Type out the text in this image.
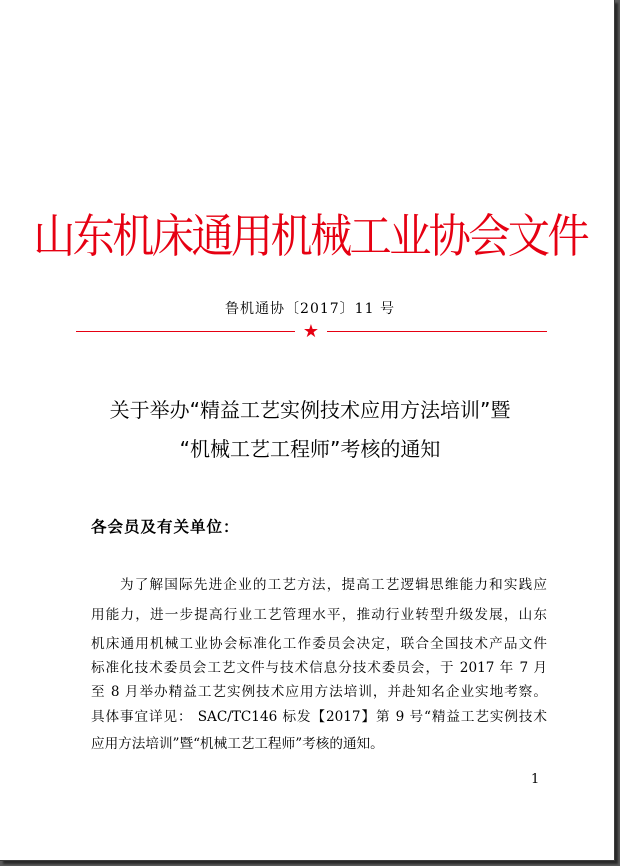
山东机床通用机械工业协会文件
鲁机通协〔2017〕11 号
★
关于举办“精益工艺实例技术应用方法培训”暨
“机械工艺工程师”考核的通知
各会员及有关单位：
为了解国际先进企业的工艺方法，提高工艺逻辑思维能力和实践应
用能力，进一步提高行业工艺管理水平，推动行业转型升级发展，山东
机床通用机械工业协会标准化工作委员会决定，联合全国技术产品文件
标准化技术委员会工艺文件与技术信息分技术委员会，于 2017 年 7 月
至 8 月举办精益工艺实例技术应用方法培训，并赴知名企业实地考察。
具体事宜详见： SAC/TC146 标发【2017】第 9 号“精益工艺实例技术
应用方法培训”暨“机械工艺工程师”考核的通知。
1
